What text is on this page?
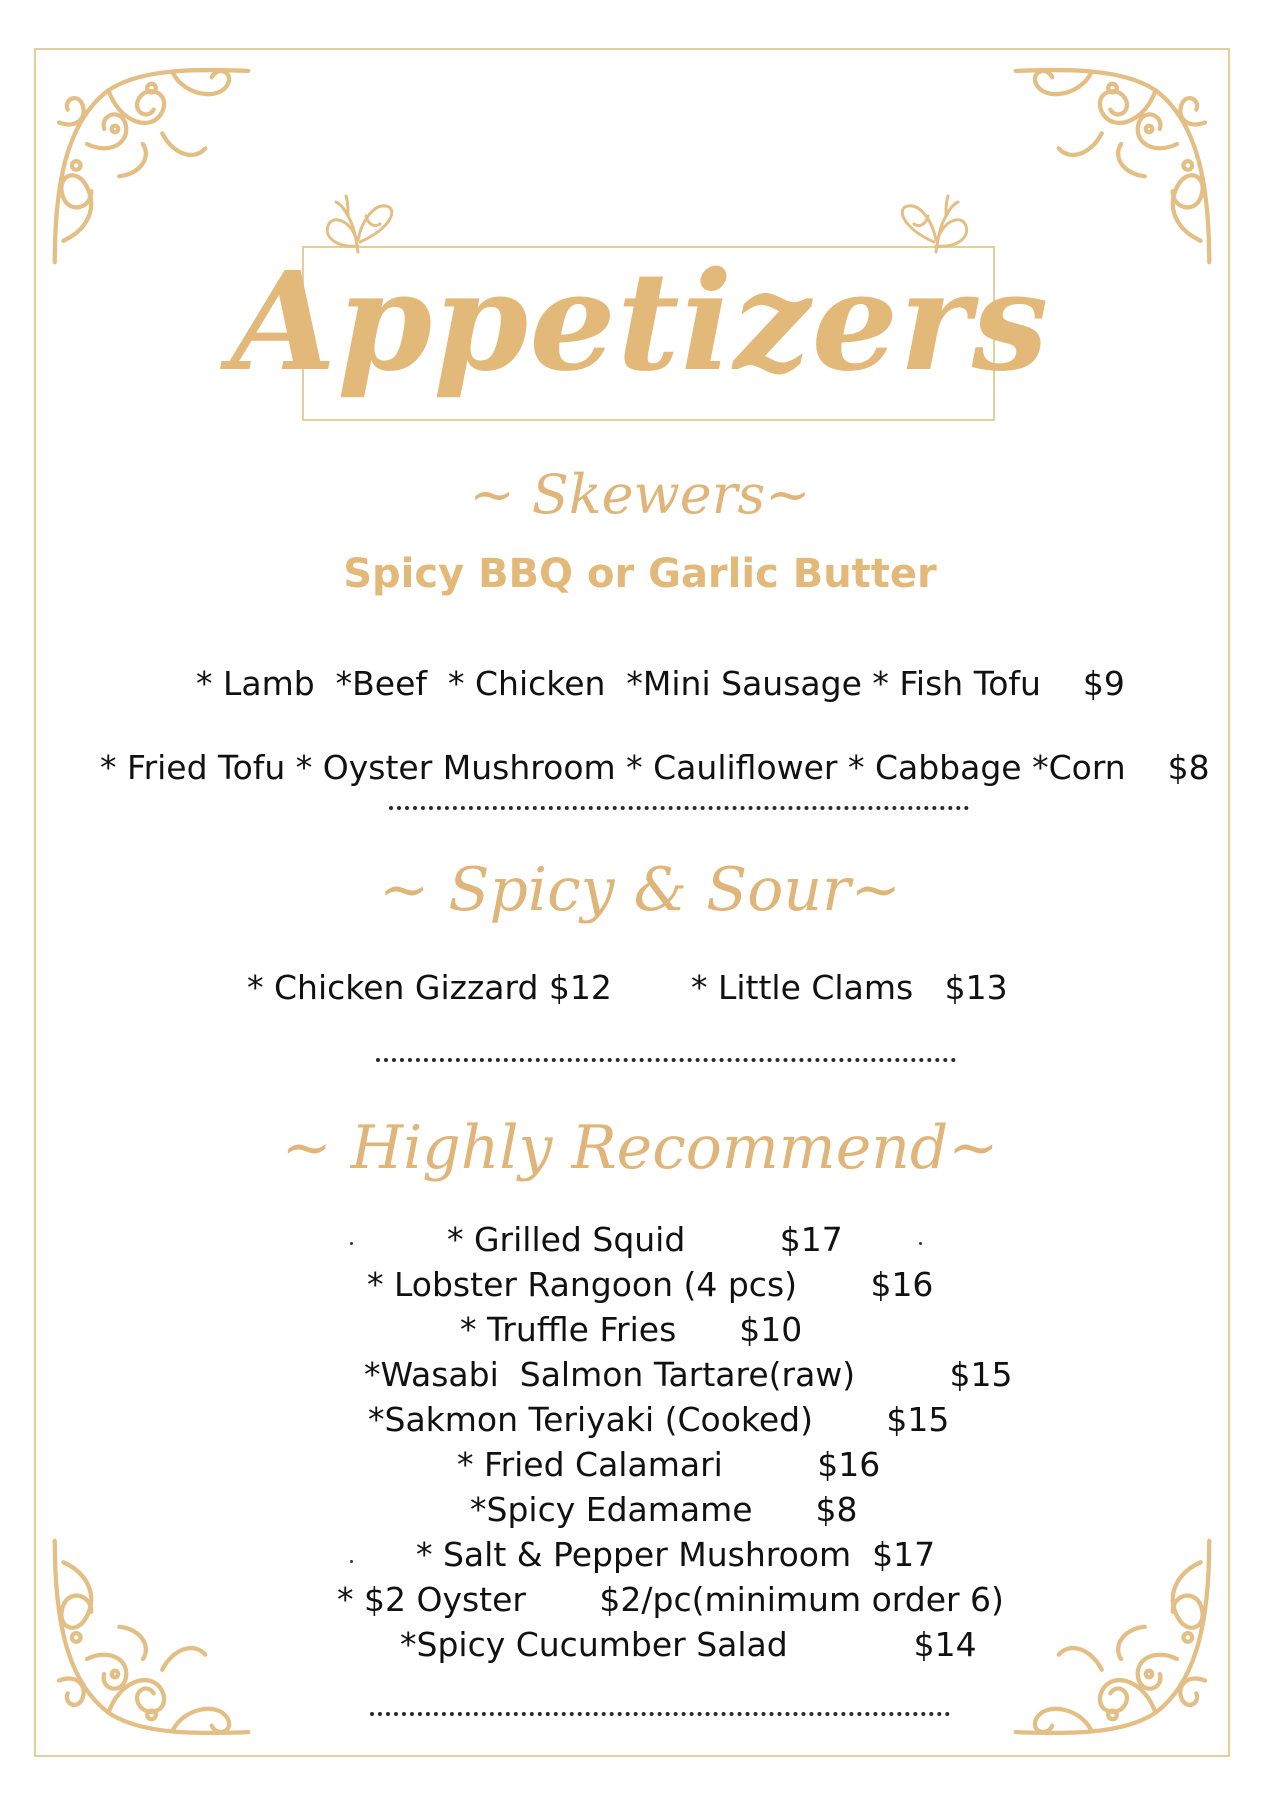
Appetizers
~ Skewers~
Spicy BBQ or Garlic Butter
* Lamb  *Beef  * Chicken  *Mini Sausage * Fish Tofu    $9
* Fried Tofu * Oyster Mushroom * Cauliflower * Cabbage *Corn    $8
~ Spicy & Sour~
* Chicken Gizzard $12 * Little Clams   $13
~ Highly Recommend~
* Grilled Squid         $17
* Lobster Rangoon (4 pcs)       $16
* Truffle Fries      $10
*Wasabi  Salmon Tartare(raw)         $15
*Sakmon Teriyaki (Cooked)       $15
* Fried Calamari         $16
*Spicy Edamame      $8
* Salt & Pepper Mushroom  $17
* $2 Oyster       $2/pc(minimum order 6)
*Spicy Cucumber Salad            $14
